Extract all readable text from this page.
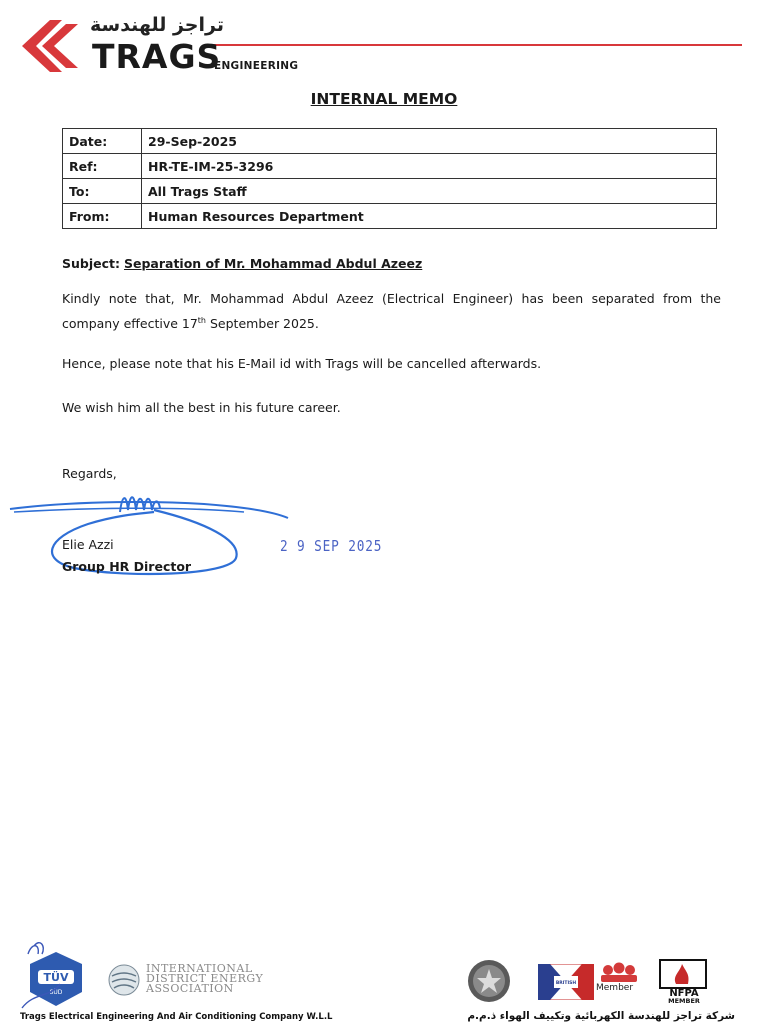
تراجز للهندسة
TRAGS
ENGINEERING
INTERNAL MEMO
Date:	29-Sep-2025
Ref:	HR-TE-IM-25-3296
To:	All Trags Staff
From:	Human Resources Department
Subject: Separation of Mr. Mohammad Abdul Azeez
Kindly note that, Mr. Mohammad Abdul Azeez (Electrical Engineer) has been separated from the company effective 17th September 2025.
Hence, please note that his E-Mail id with Trags will be cancelled afterwards.
We wish him all the best in his future career.
Regards,
Elie Azzi
Group HR Director
2 9 SEP 2025
TÜV
SÜD
INTERNATIONAL
DISTRICT ENERGY
ASSOCIATION	BRITISH Member	NFPA
MEMBER
Trags Electrical Engineering And Air Conditioning Company W.L.L	شركة تراجز للهندسة الكهربائية وتكييف الهواء ذ.م.م
